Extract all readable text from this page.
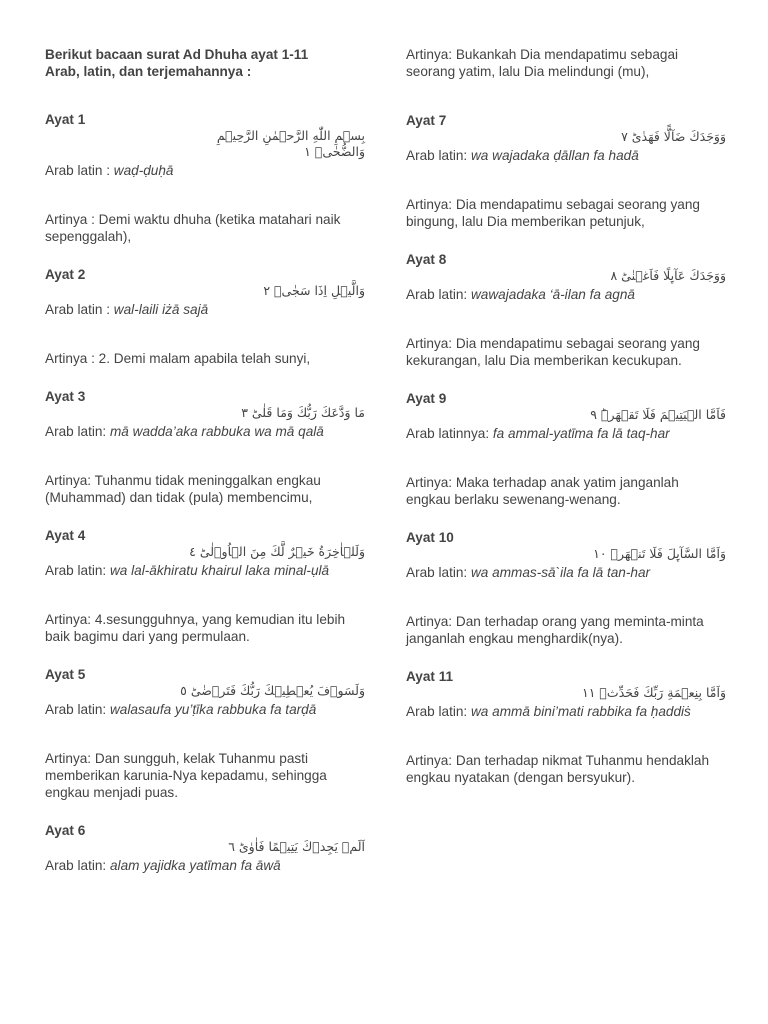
Berikut bacaan surat Ad Dhuha ayat 1-11
Arab, latin, dan terjemahannya :

Ayat 1

بِسۡمِ اللّٰهِ الرَّحۡمٰنِ الرَّحِيۡمِ
وَالضُّحٰىۙ‏ ١

Arab latin : waḍ-ḍuḥā

Artinya : Demi waktu dhuha (ketika matahari naik sepenggalah),

Ayat 2

وَالَّيۡلِ اِذَا سَجٰىۙ‏ ٢

Arab latin : wal-laili iżā sajā

Artinya : 2. Demi malam apabila telah sunyi,

Ayat 3

مَا وَدَّعَكَ رَبُّكَ وَمَا قَلٰىؕ‏ ٣

Arab latin: mā wadda’aka rabbuka wa mā qalā

Artinya: Tuhanmu tidak meninggalkan engkau (Muhammad) dan tidak (pula) membencimu,

Ayat 4

وَلَلۡاٰخِرَةُ خَيۡرٌ لَّكَ مِنَ الۡاُوۡلٰىؕ‏ ٤

Arab latin: wa lal-ākhiratu khairul laka minal-ụlā

Artinya: 4.sesungguhnya, yang kemudian itu lebih baik bagimu dari yang permulaan.

Ayat 5

وَلَسَوۡفَ يُعۡطِيۡكَ رَبُّكَ فَتَرۡضٰىؕ‏ ٥

Arab latin: walasaufa yu’ṭīka rabbuka fa tarḍā

Artinya: Dan sungguh, kelak Tuhanmu pasti memberikan karunia-Nya kepadamu, sehingga engkau menjadi puas.

Ayat 6

اَلَمۡ يَجِدۡكَ يَتِيۡمًا فَاٰوٰىؕ‏ ٦

Arab latin: alam yajidka yatīman fa āwā

Artinya: Bukankah Dia mendapatimu sebagai seorang yatim, lalu Dia melindungi (mu),

Ayat 7

وَوَجَدَكَ ضَآلًّا فَهَدٰىؕ‏ ٧

Arab latin: wa wajadaka ḍāllan fa hadā

Artinya: Dia mendapatimu sebagai seorang yang bingung, lalu Dia memberikan petunjuk,

Ayat 8

وَوَجَدَكَ عَآٮِٕلًا فَاَغۡنٰىؕ‏ ٨

Arab latin: wawajadaka ‘ā-ilan fa agnā

Artinya: Dia mendapatimu sebagai seorang yang kekurangan, lalu Dia memberikan kecukupan.

Ayat 9

فَاَمَّا الۡيَتِيۡمَ فَلَا تَقۡهَرۡؕ‏ ٩

Arab latinnya: fa ammal-yatīma fa lā taq-har

Artinya: Maka terhadap anak yatim janganlah engkau berlaku sewenang-wenang.

Ayat 10

وَاَمَّا السَّآٮِٕلَ فَلَا تَنۡهَرۡ ١٠

Arab latin: wa ammas-sā`ila fa lā tan-har

Artinya: Dan terhadap orang yang meminta-minta janganlah engkau menghardik(nya).

Ayat 11

وَاَمَّا بِنِعۡمَةِ رَبِّكَ فَحَدِّثۡ‏ ١١

Arab latin: wa ammā bini’mati rabbika fa ḥaddiṡ

Artinya: Dan terhadap nikmat Tuhanmu hendaklah engkau nyatakan (dengan bersyukur).
